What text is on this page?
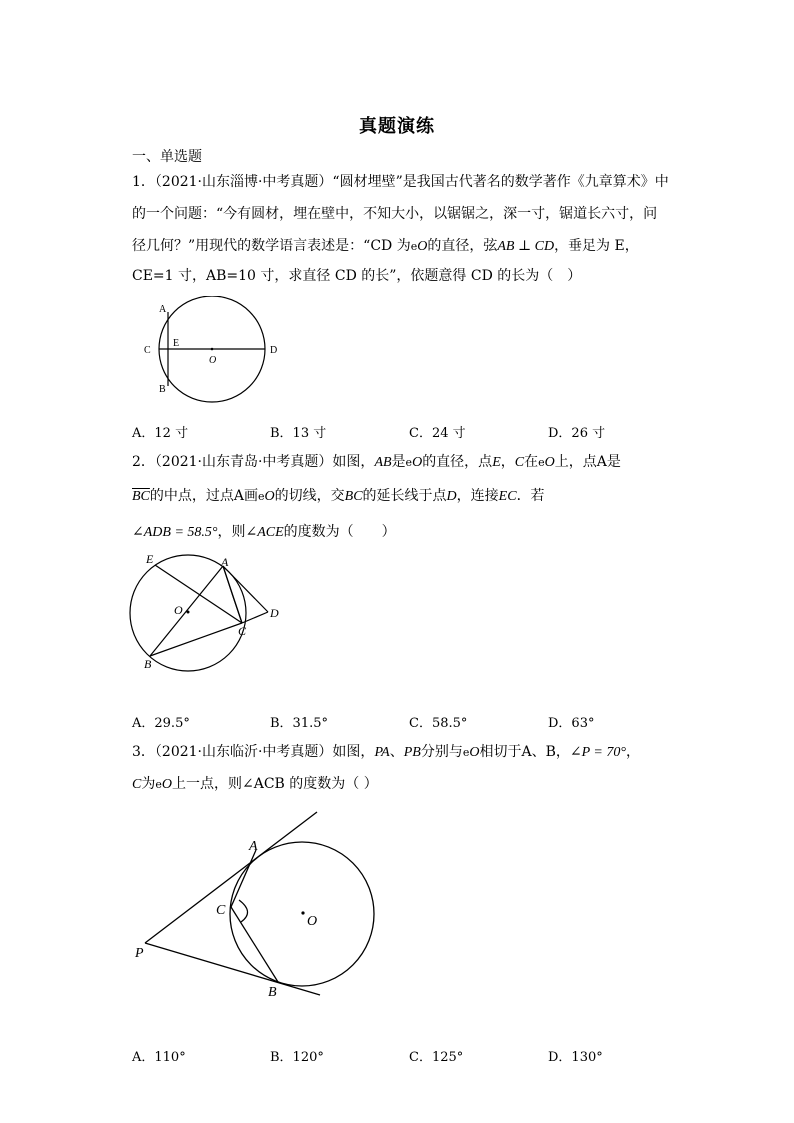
真题演练
一、单选题
1．（2021·山东淄博·中考真题）“圆材埋壁”是我国古代著名的数学著作《九章算术》中
的一个问题：“今有圆材，埋在壁中，不知大小，以锯锯之，深一寸，锯道长六寸，问
径几何？”用现代的数学语言表述是：“CD 为eO的直径，弦AB ⊥ CD，垂足为 E，
CE=1 寸，AB=10 寸，求直径 CD 的长”，依题意得 CD 的长为（　）
A
C
E
O
D
B
A．12 寸	B．13 寸	C．24 寸	D．26 寸
2．（2021·山东青岛·中考真题）如图，AB是eO的直径，点E，C在eO上，点A是
$\overline{BC}$的中点，过点A画eO的切线，交BC的延长线于点D，连接EC．若
∠ADB = 58.5°，则∠ACE的度数为（　　）
E	A
O	D
C
B
A．29.5°	B．31.5°	C．58.5°	D．63°
3．（2021·山东临沂·中考真题）如图，PA、PB分别与eO相切于A、B，∠P = 70°，
C为eO上一点，则∠ACB 的度数为（ ）
A
C
O
P
B
A．110°	B．120°	C．125°	D．130°
